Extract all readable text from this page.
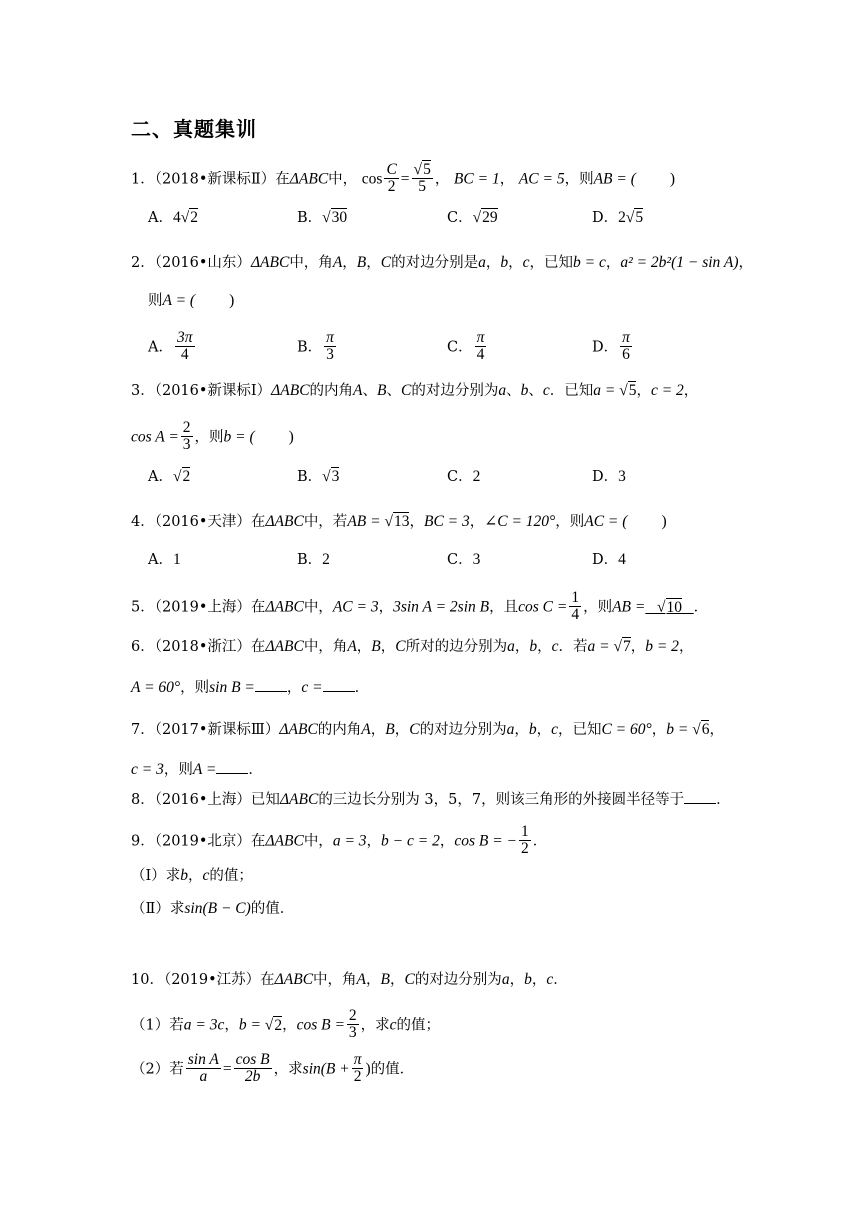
二、真题集训
1．（2018•新课标Ⅱ）在ΔABC中， $\cos \frac{C}{2} = \frac{√5}{5}$ ， BC = 1， AC = 5，则AB = ( )
A．4√2	B．√30	C．√29	D．2√5
2．（2016•山东）ΔABC中，角A，B，C的对边分别是a，b，c，已知b = c，a² = 2b²(1 − sin A)，
则A = ( )
A． $\frac{3\pi}{4}$	B． $\frac{\pi}{3}$	C． $\frac{\pi}{4}$	D． $\frac{\pi}{6}$
3．（2016•新课标Ⅰ）ΔABC的内角A、B、C的对边分别为a、b、c．已知a = √5，c = 2，
$\cos A = \frac{2}{3}$ ，则b = ( )
A．√2	B．√3	C．2	D．3
4．（2016•天津）在ΔABC中，若AB = √13，BC = 3，∠C = 120°，则AC = ( )
A．1	B．2	C．3	D．4
5．（2019•上海）在ΔABC中，AC = 3，3sin A = 2sin B，且$\cos C = \frac{1}{4}$ ，则AB =   √10 ．
6．（2018•浙江）在ΔABC中，角A，B，C所对的边分别为a，b，c．若a = √7，b = 2，
A = 60°，则sin B = ，c = ．
7．（2017•新课标Ⅲ）ΔABC的内角A，B，C的对边分别为a，b，c，已知C = 60°，b = √6，
c = 3，则A = ．
8．（2016•上海）已知ΔABC的三边长分别为 3，5，7，则该三角形的外接圆半径等于 ．
9．（2019•北京）在ΔABC中，a = 3，b − c = 2，cos B = − $\frac{1}{2}$ ．
（Ⅰ）求b，c的值；
（Ⅱ）求sin(B − C)的值．
10．（2019•江苏）在ΔABC中，角A，B，C的对边分别为a，b，c．
（1）若a = 3c，b = √2，$\cos B = \frac{2}{3}$ ，求c的值；
（2）若 $\frac{\text{sin A}}{a} = \frac{\text{cos B}}{2b}$ ，求$\sin(B + \frac{\pi}{2}$ )的值．
